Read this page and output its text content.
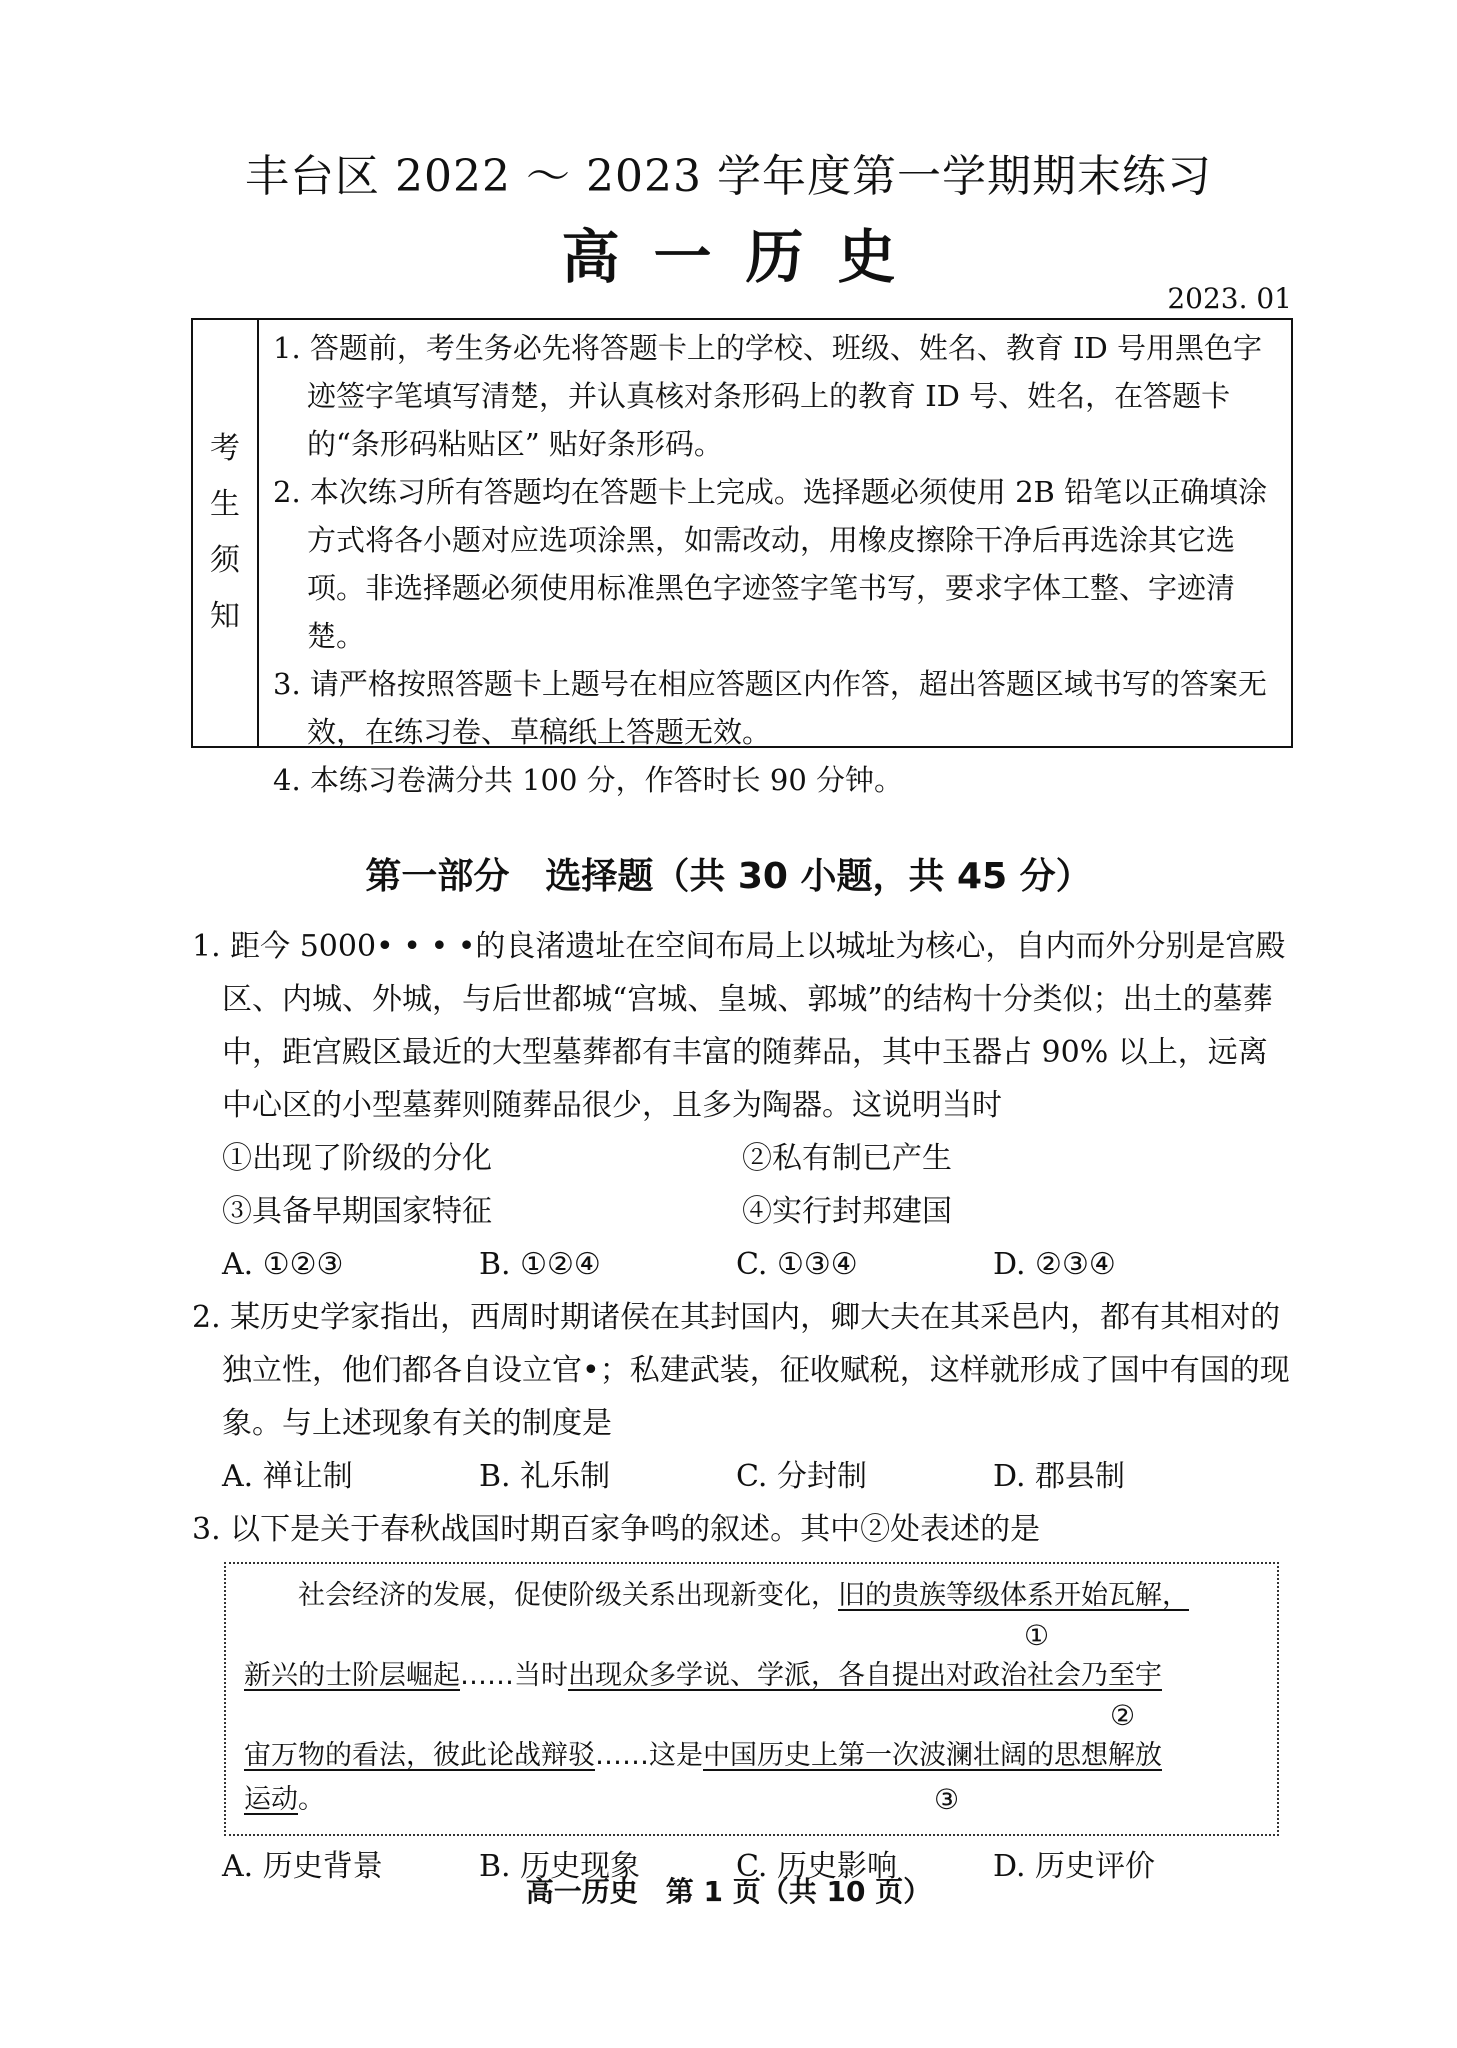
丰台区 2022 ～ 2023 学年度第一学期期末练习
高一历史
2023. 01
考
生
须
知
1. 答题前，考生务必先将答题卡上的学校、班级、姓名、教育 ID 号用黑色字迹签字笔填写清楚，并认真核对条形码上的教育 ID 号、姓名，在答题卡的“条形码粘贴区” 贴好条形码。
2. 本次练习所有答题均在答题卡上完成。选择题必须使用 2B 铅笔以正确填涂方式将各小题对应选项涂黑，如需改动，用橡皮擦除干净后再选涂其它选项。非选择题必须使用标准黑色字迹签字笔书写，要求字体工整、字迹清楚。
3. 请严格按照答题卡上题号在相应答题区内作答，超出答题区域书写的答案无效，在练习卷、草稿纸上答题无效。
4. 本练习卷满分共 100 分，作答时长 90 分钟。
第一部分　选择题（共 30 小题，共 45 分）
1. 距今 5000• • • •的良渚遗址在空间布局上以城址为核心，自内而外分别是宫殿区、内城、外城，与后世都城“宫城、皇城、郭城”的结构十分类似；出土的墓葬中，距宫殿区最近的大型墓葬都有丰富的随葬品，其中玉器占 90% 以上，远离中心区的小型墓葬则随葬品很少，且多为陶器。这说明当时
①出现了阶级的分化	②私有制已产生
③具备早期国家特征	④实行封邦建国
A. ①②③	B. ①②④	C. ①③④	D. ②③④
2. 某历史学家指出，西周时期诸侯在其封国内，卿大夫在其采邑内，都有其相对的独立性，他们都各自设立官•；私建武装，征收赋税，这样就形成了国中有国的现象。与上述现象有关的制度是
A. 禅让制	B. 礼乐制	C. 分封制	D. 郡县制
3. 以下是关于春秋战国时期百家争鸣的叙述。其中②处表述的是
社会经济的发展，促使阶级关系出现新变化，旧的贵族等级体系开始瓦解，
①
新兴的士阶层崛起……当时出现众多学说、学派，各自提出对政治社会乃至宇
②
宙万物的看法，彼此论战辩驳……这是中国历史上第一次波澜壮阔的思想解放
运动。	③
A. 历史背景	B. 历史现象	C. 历史影响	D. 历史评价
高一历史　第 1 页（共 10 页）
